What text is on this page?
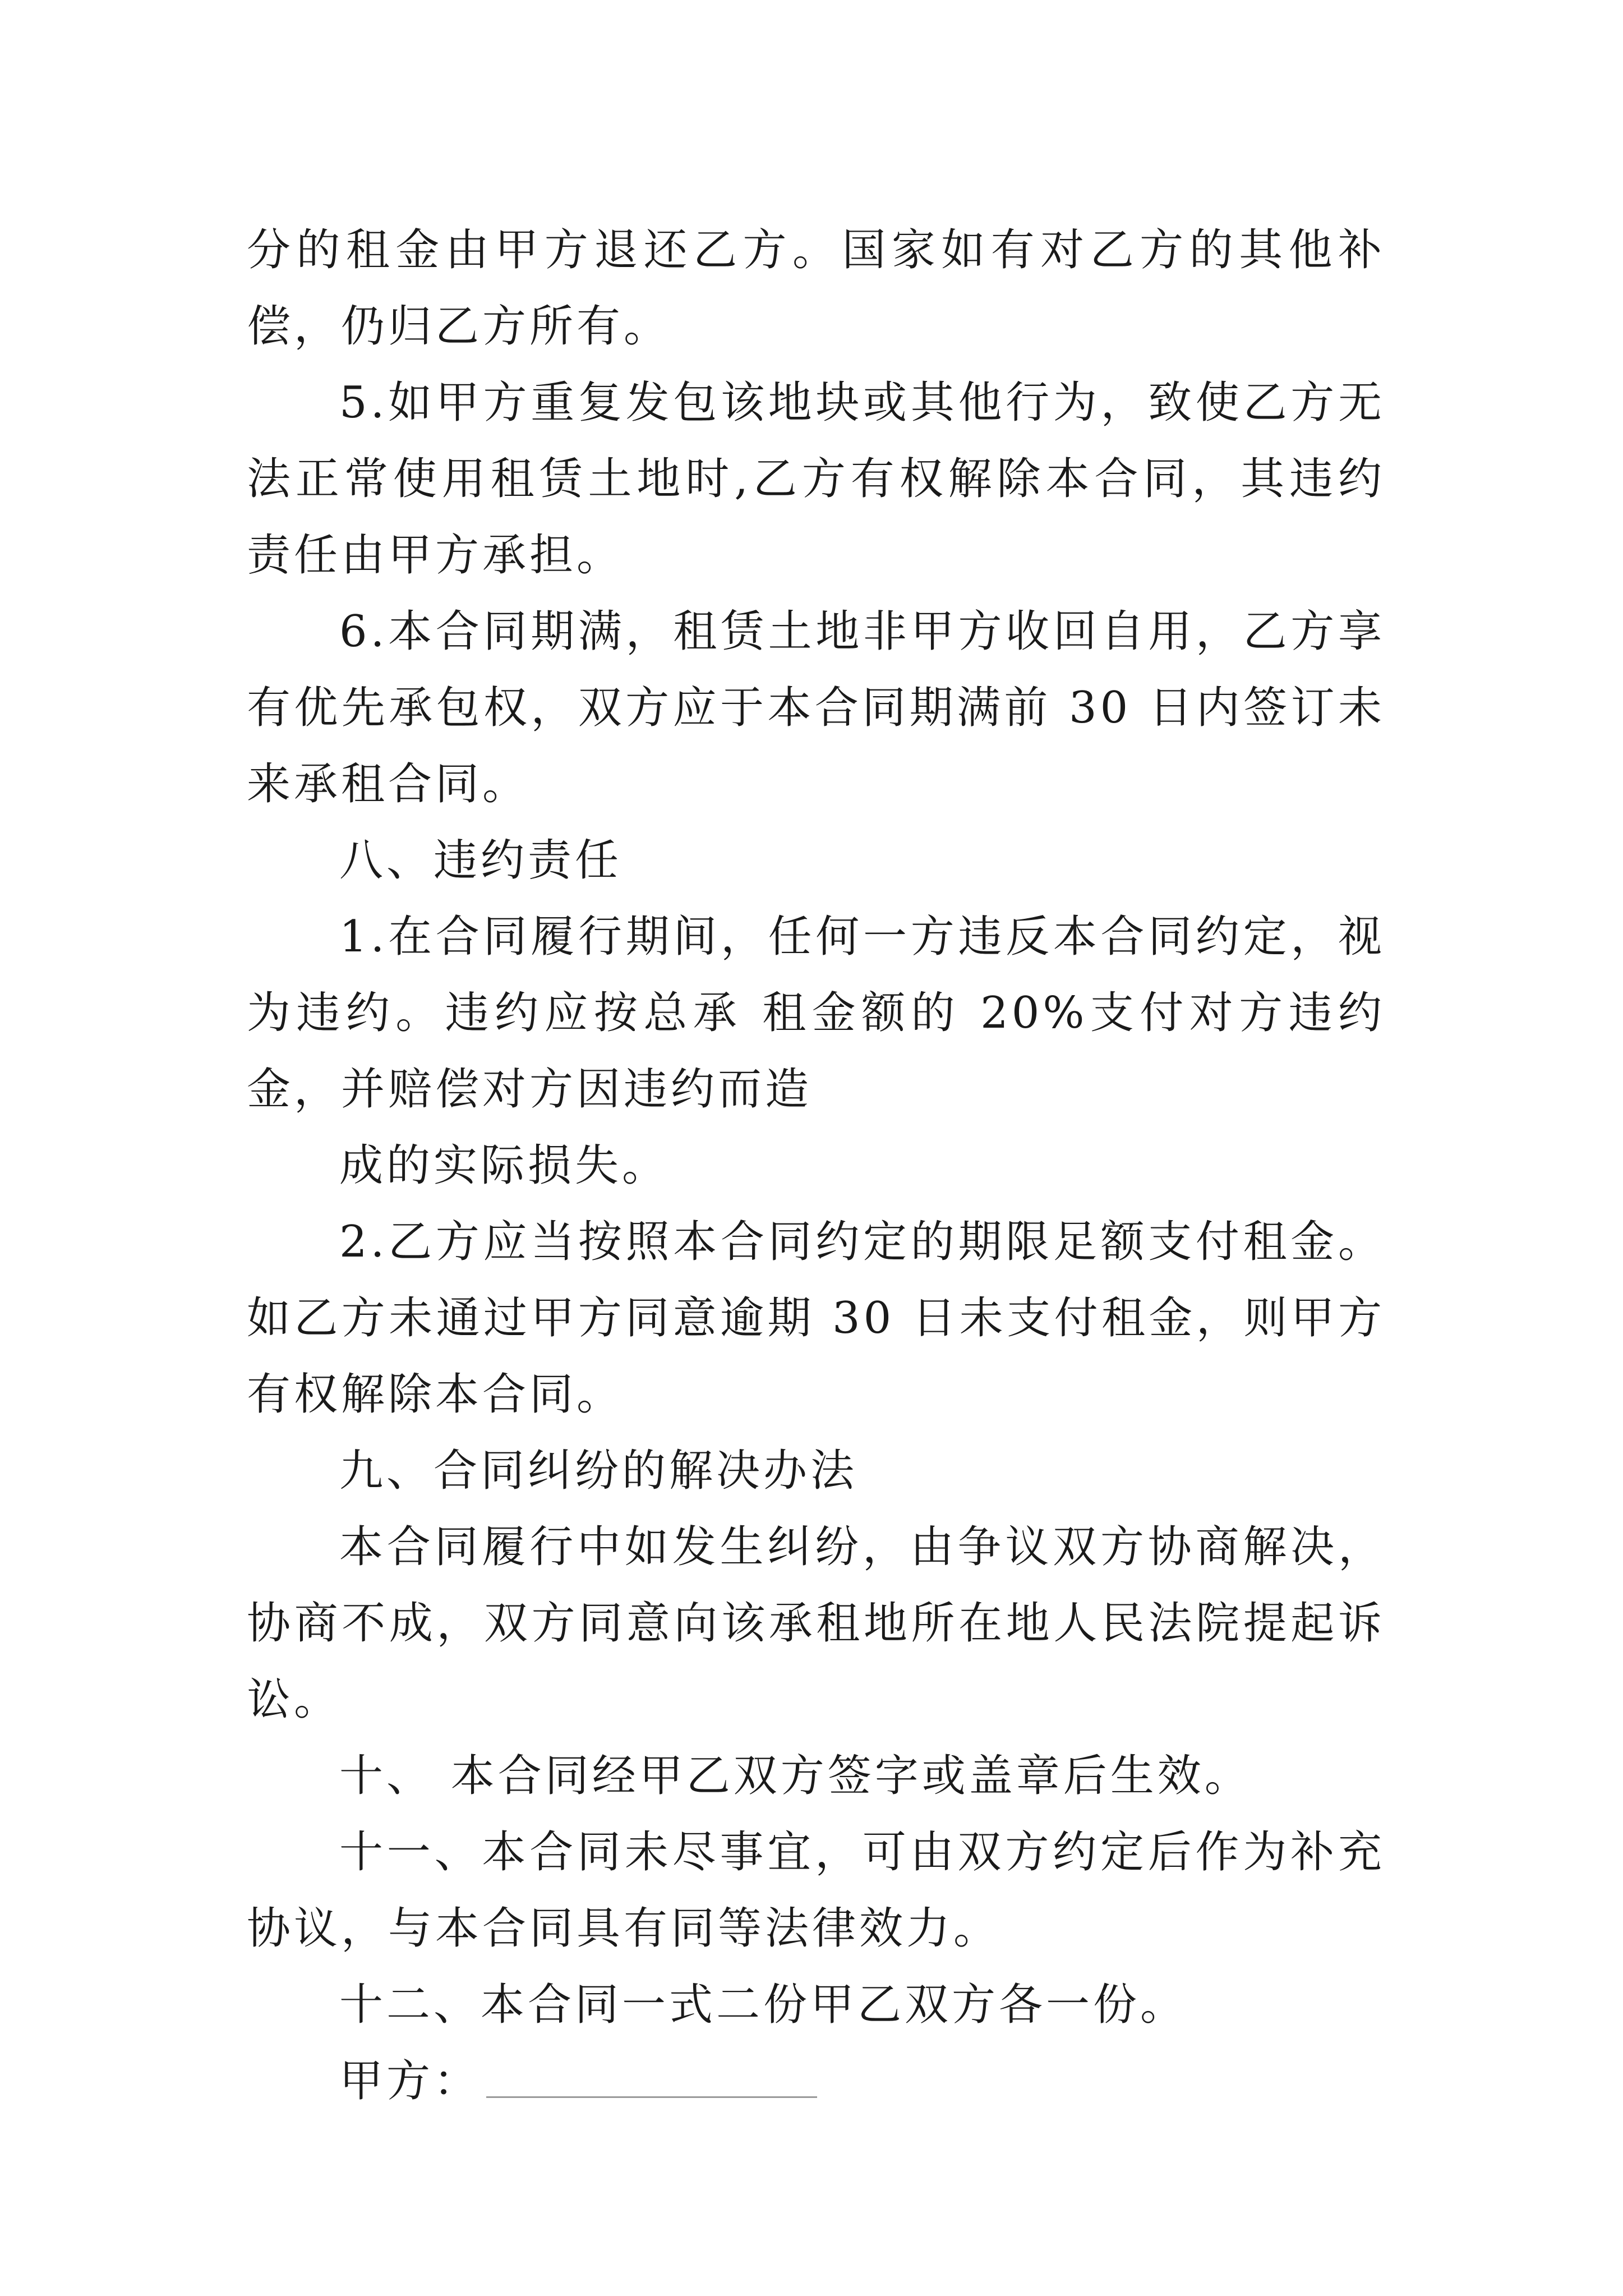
分的租金由甲方退还乙方。国家如有对乙方的其他补偿，仍归乙方所有。

5.如甲方重复发包该地块或其他行为，致使乙方无法正常使用租赁土地时,乙方有权解除本合同，其违约责任由甲方承担。

6.本合同期满，租赁土地非甲方收回自用，乙方享有优先承包权，双方应于本合同期满前 30 日内签订未来承租合同。

八、违约责任

1.在合同履行期间，任何一方违反本合同约定，视为违约。违约应按总承 租金额的 20%支付对方违约金，并赔偿对方因违约而造

成的实际损失。

2.乙方应当按照本合同约定的期限足额支付租金。如乙方未通过甲方同意逾期 30 日未支付租金，则甲方有权解除本合同。

九、合同纠纷的解决办法

本合同履行中如发生纠纷，由争议双方协商解决，协商不成，双方同意向该承租地所在地人民法院提起诉讼。

十、 本合同经甲乙双方签字或盖章后生效。

十一、本合同未尽事宜，可由双方约定后作为补充协议，与本合同具有同等法律效力。

十二、本合同一式二份甲乙双方各一份。

甲方：
